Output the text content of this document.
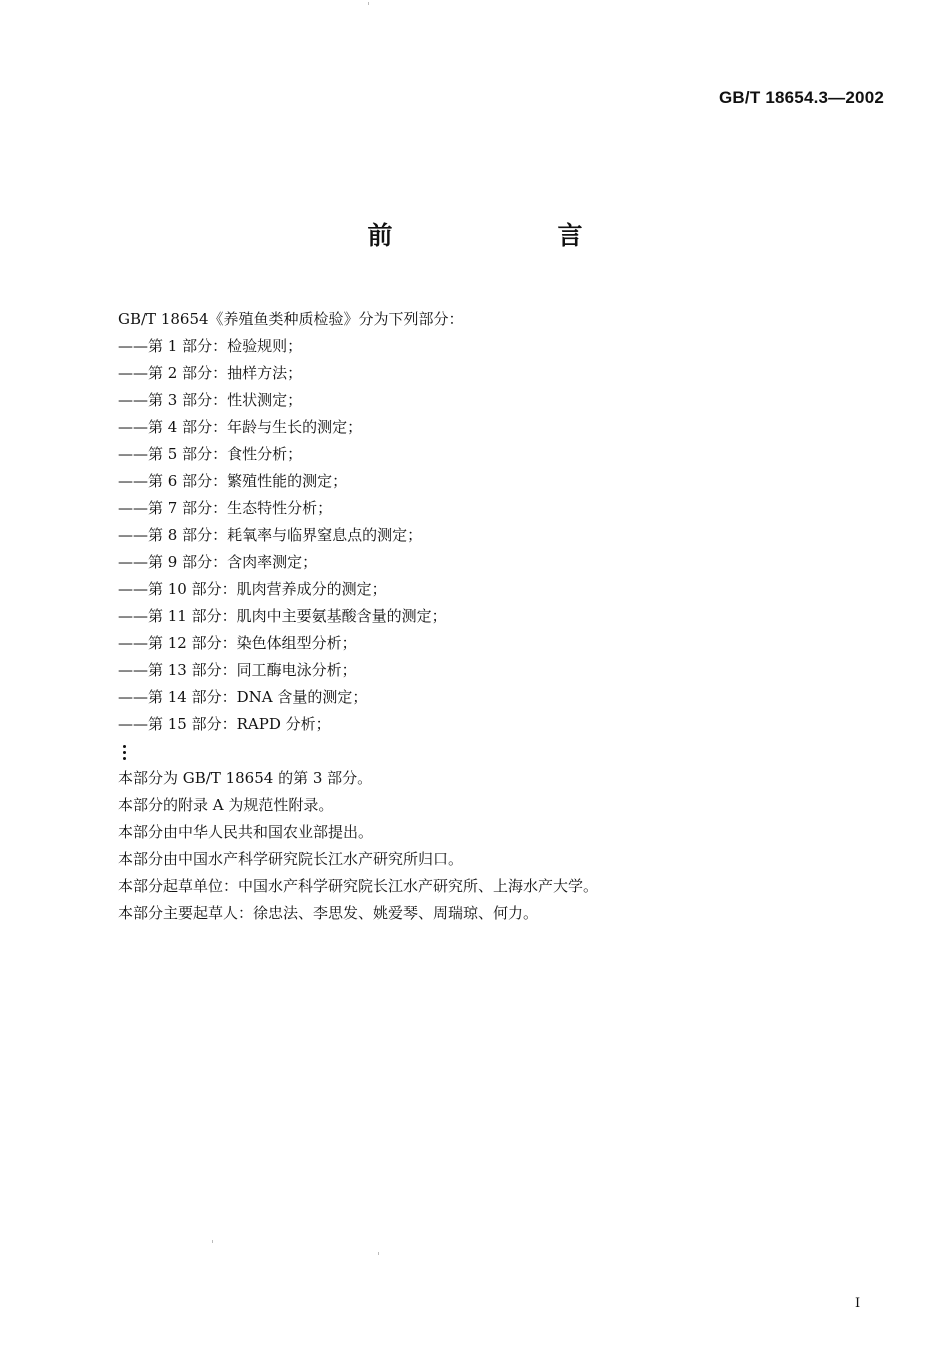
GB/T 18654.3—2002
前　言
GB/T 18654《养殖鱼类种质检验》分为下列部分：
——第 1 部分：检验规则；
——第 2 部分：抽样方法；
——第 3 部分：性状测定；
——第 4 部分：年龄与生长的测定；
——第 5 部分：食性分析；
——第 6 部分：繁殖性能的测定；
——第 7 部分：生态特性分析；
——第 8 部分：耗氧率与临界窒息点的测定；
——第 9 部分：含肉率测定；
——第 10 部分：肌肉营养成分的测定；
——第 11 部分：肌肉中主要氨基酸含量的测定；
——第 12 部分：染色体组型分析；
——第 13 部分：同工酶电泳分析；
——第 14 部分：DNA 含量的测定；
——第 15 部分：RAPD 分析；
本部分为 GB/T 18654 的第 3 部分。
本部分的附录 A 为规范性附录。
本部分由中华人民共和国农业部提出。
本部分由中国水产科学研究院长江水产研究所归口。
本部分起草单位：中国水产科学研究院长江水产研究所、上海水产大学。
本部分主要起草人：徐忠法、李思发、姚爱琴、周瑞琼、何力。
I
